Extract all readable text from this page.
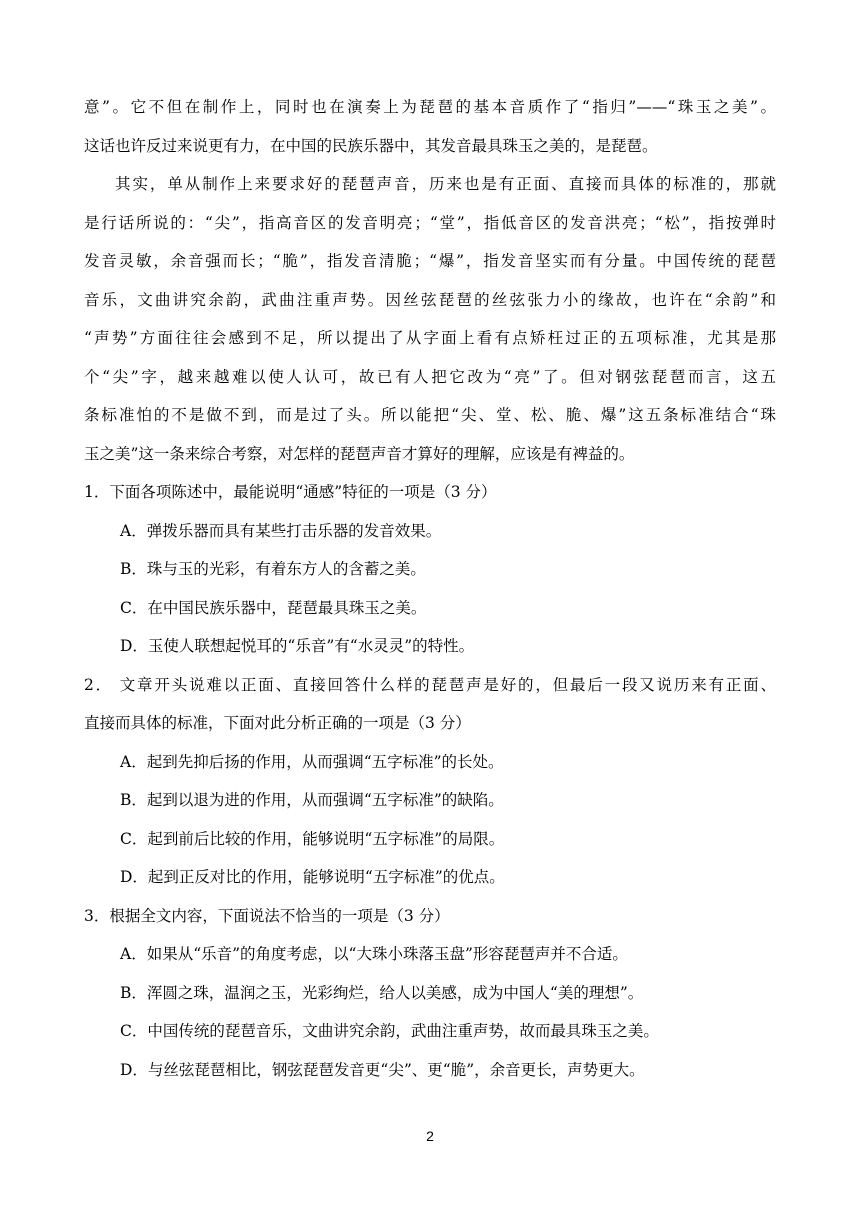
意”。它不但在制作上，同时也在演奏上为琵琶的基本音质作了“指归”——“珠玉之美”。
这话也许反过来说更有力，在中国的民族乐器中，其发音最具珠玉之美的，是琵琶。
其实，单从制作上来要求好的琵琶声音，历来也是有正面、直接而具体的标准的，那就
是行话所说的：“尖”，指高音区的发音明亮；“堂”，指低音区的发音洪亮；“松”，指按弹时
发音灵敏，余音强而长；“脆”，指发音清脆；“爆”，指发音坚实而有分量。中国传统的琵琶
音乐，文曲讲究余韵，武曲注重声势。因丝弦琵琶的丝弦张力小的缘故，也许在“余韵”和
“声势”方面往往会感到不足，所以提出了从字面上看有点矫枉过正的五项标准，尤其是那
个“尖”字，越来越难以使人认可，故已有人把它改为“亮”了。但对钢弦琵琶而言，这五
条标准怕的不是做不到，而是过了头。所以能把“尖、堂、松、脆、爆”这五条标准结合“珠
玉之美”这一条来综合考察，对怎样的琵琶声音才算好的理解，应该是有裨益的。
1．下面各项陈述中，最能说明“通感”特征的一项是（3 分）
A．弹拨乐器而具有某些打击乐器的发音效果。
B．珠与玉的光彩，有着东方人的含蓄之美。
C．在中国民族乐器中，琵琶最具珠玉之美。
D．玉使人联想起悦耳的“乐音”有“水灵灵”的特性。
2． 文章开头说难以正面、直接回答什么样的琵琶声是好的，但最后一段又说历来有正面、
直接而具体的标准，下面对此分析正确的一项是（3 分）
A．起到先抑后扬的作用，从而强调“五字标准”的长处。
B．起到以退为进的作用，从而强调“五字标准”的缺陷。
C．起到前后比较的作用，能够说明“五字标准”的局限。
D．起到正反对比的作用，能够说明“五字标准”的优点。
3．根据全文内容，下面说法不恰当的一项是（3 分）
A．如果从“乐音”的角度考虑，以“大珠小珠落玉盘”形容琵琶声并不合适。
B．浑圆之珠，温润之玉，光彩绚烂，给人以美感，成为中国人“美的理想”。
C．中国传统的琵琶音乐，文曲讲究余韵，武曲注重声势，故而最具珠玉之美。
D．与丝弦琵琶相比，钢弦琵琶发音更“尖”、更“脆”，余音更长，声势更大。
2
